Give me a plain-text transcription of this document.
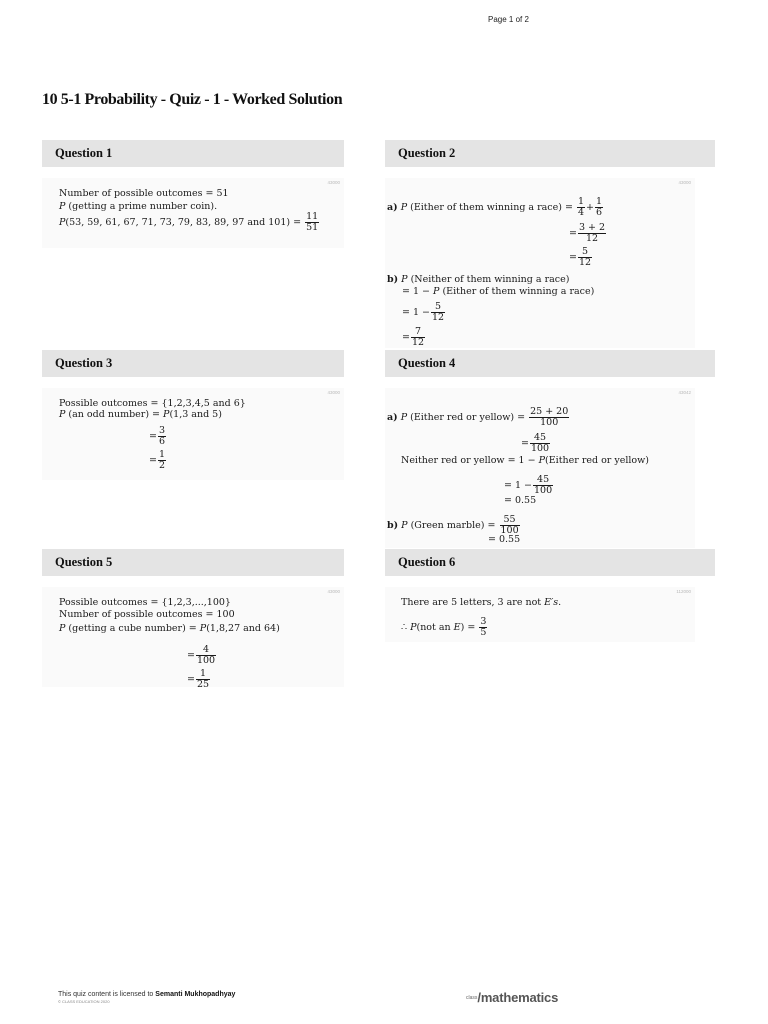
Page 1 of 2
10 5-1 Probability - Quiz - 1 - Worked Solution
Question 1
43000
Number of possible outcomes = 51
P (getting a prime number coin).
P(53, 59, 61, 67, 71, 73, 79, 83, 89, 97 and $101) = \frac{11}{51}$
Question 2
43000
a) P (Either of them winning a race) = $\frac{1}{4} + \frac{1}{6}$
= $\frac{3 + 2}{12}$
= $\frac{5}{12}$
b) P (Neither of them winning a race)
= 1 − P (Either of them winning a race)
= $1 - \frac{5}{12}$
= $\frac{7}{12}$
Question 3
43000
Possible outcomes = {1,2,3,4,5 and 6}
P (an odd number) = P(1,3 and 5)
= $\frac{3}{6}$
= $\frac{1}{2}$
Question 4
43042
a) P (Either red or yellow) = $\frac{25 + 20}{100}$
= $\frac{45}{100}$
Neither red or yellow = 1 − P(Either red or yellow)
= $1 - \frac{45}{100}$
= 0.55
b) P (Green marble) = $\frac{55}{100}$
= 0.55
Question 5
43000
Possible outcomes = {1,2,3,...,100}
Number of possible outcomes = 100
P (getting a cube number) = P(1,8,27 and 64)
= $\frac{4}{100}$
= $\frac{1}{25}$
Question 6
112000
There are 5 letters, 3 are not E′s.
∴ P(not an $E) = \frac{3}{5}$
This quiz content is licensed to Semanti Mukhopadhyay
© CLASS EDUCATION 2020
class/mathematics
